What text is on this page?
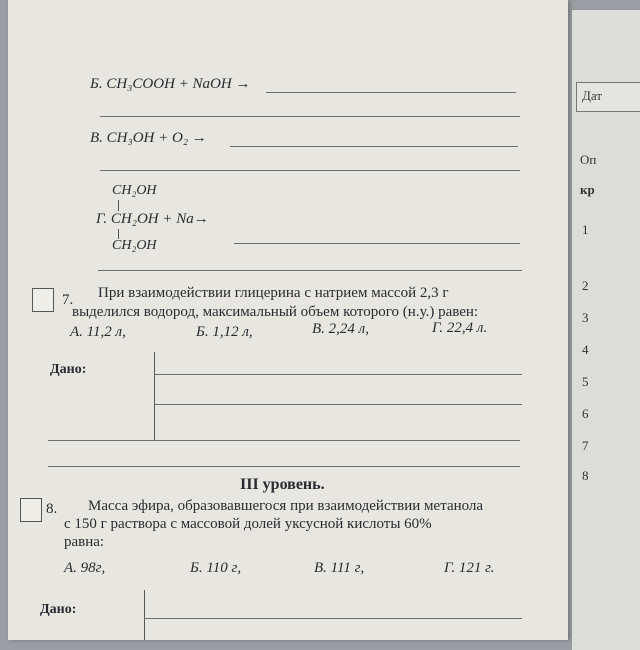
Б. CH₃COOH + NaOH →
В. CH₃OH + O₂ →
CH₂OH
Г. CH₂OH + Na→
CH₂OH
7. При взаимодействии глицерина с натрием массой 2,3 г
выделился водород, максимальный объем которого (н.у.) равен:
А. 11,2 л,	Б. 1,12 л,	В. 2,24 л,	Г. 22,4 л.
Дано:
III уровень.
8. Масса эфира, образовавшегося при взаимодействии метанола
с 150 г раствора с массовой долей уксусной кислоты 60%
равна:
А. 98г,	Б. 110 г,	В. 111 г,	Г. 121 г.
Дано:
Дат
Оп
кр
1
2
3
4
5
6
7
8
